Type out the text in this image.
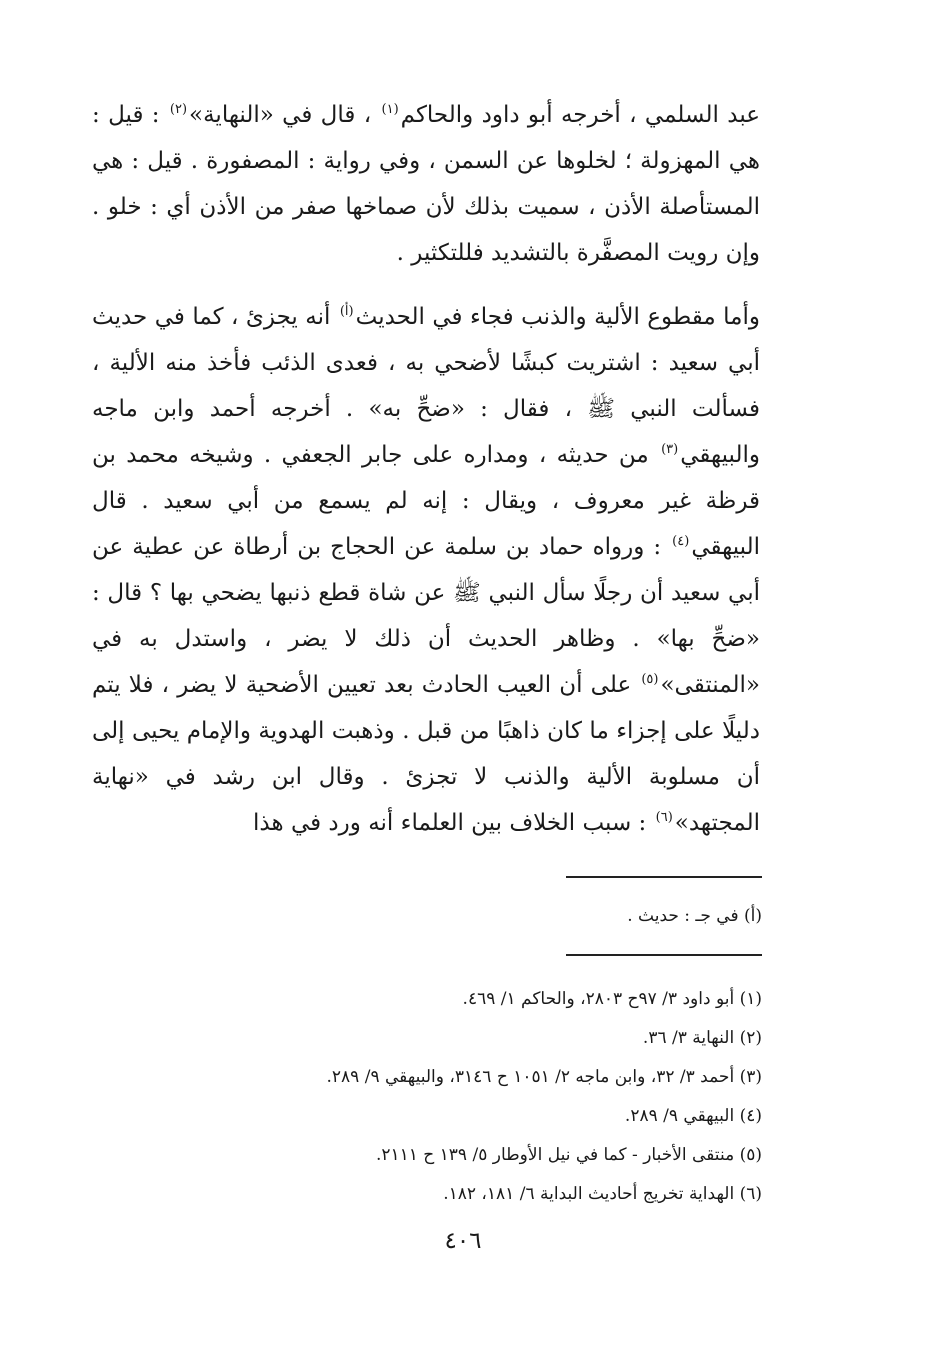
عبد السلمي ، أخرجه أبو داود والحاكم$^{(١)}$ ، قال في «النهاية»$^{(٢)}$ : قيل : هي المهزولة ؛ لخلوها عن السمن ، وفي رواية : المصفورة . قيل : هي المستأصلة الأذن ، سميت بذلك لأن صماخها صفر من الأذن أي : خلو . وإن رويت المصفَّرة بالتشديد فللتكثير .

وأما مقطوع الألية والذنب فجاء في الحديث$^{(أ)}$ أنه يجزئ ، كما في حديث أبي سعيد : اشتريت كبشًا لأضحي به ، فعدى الذئب فأخذ منه الألية ، فسألت النبي ﷺ ، فقال : «ضحِّ به» . أخرجه أحمد وابن ماجه والبيهقي$^{(٣)}$ من حديثه ، ومداره على جابر الجعفي . وشيخه محمد بن قرظة غير معروف ، ويقال : إنه لم يسمع من أبي سعيد . قال البيهقي$^{(٤)}$ : ورواه حماد بن سلمة عن الحجاج بن أرطاة عن عطية عن أبي سعيد أن رجلًا سأل النبي ﷺ عن شاة قطع ذنبها يضحي بها ؟ قال : «ضحِّ بها» . وظاهر الحديث أن ذلك لا يضر ، واستدل به في «المنتقى»$^{(٥)}$ على أن العيب الحادث بعد تعيين الأضحية لا يضر ، فلا يتم دليلًا على إجزاء ما كان ذاهبًا من قبل . وذهبت الهدوية والإمام يحيى إلى أن مسلوبة الألية والذنب لا تجزئ . وقال ابن رشد في «نهاية المجتهد»$^{(٦)}$ : سبب الخلاف بين العلماء أنه ورد في هذا

(أ) في جـ : حديث .
(١) أبو داود ٣/ ٩٧ح ٢٨٠٣، والحاكم ١/ ٤٦٩.
(٢) النهاية ٣/ ٣٦.
(٣) أحمد ٣/ ٣٢، وابن ماجه ٢/ ١٠٥١ ح ٣١٤٦، والبيهقي ٩/ ٢٨٩.
(٤) البيهقي ٩/ ٢٨٩.
(٥) منتقى الأخبار - كما في نيل الأوطار ٥/ ١٣٩ ح ٢١١١.
(٦) الهداية تخريج أحاديث البداية ٦/ ١٨١، ١٨٢.
٤٠٦
